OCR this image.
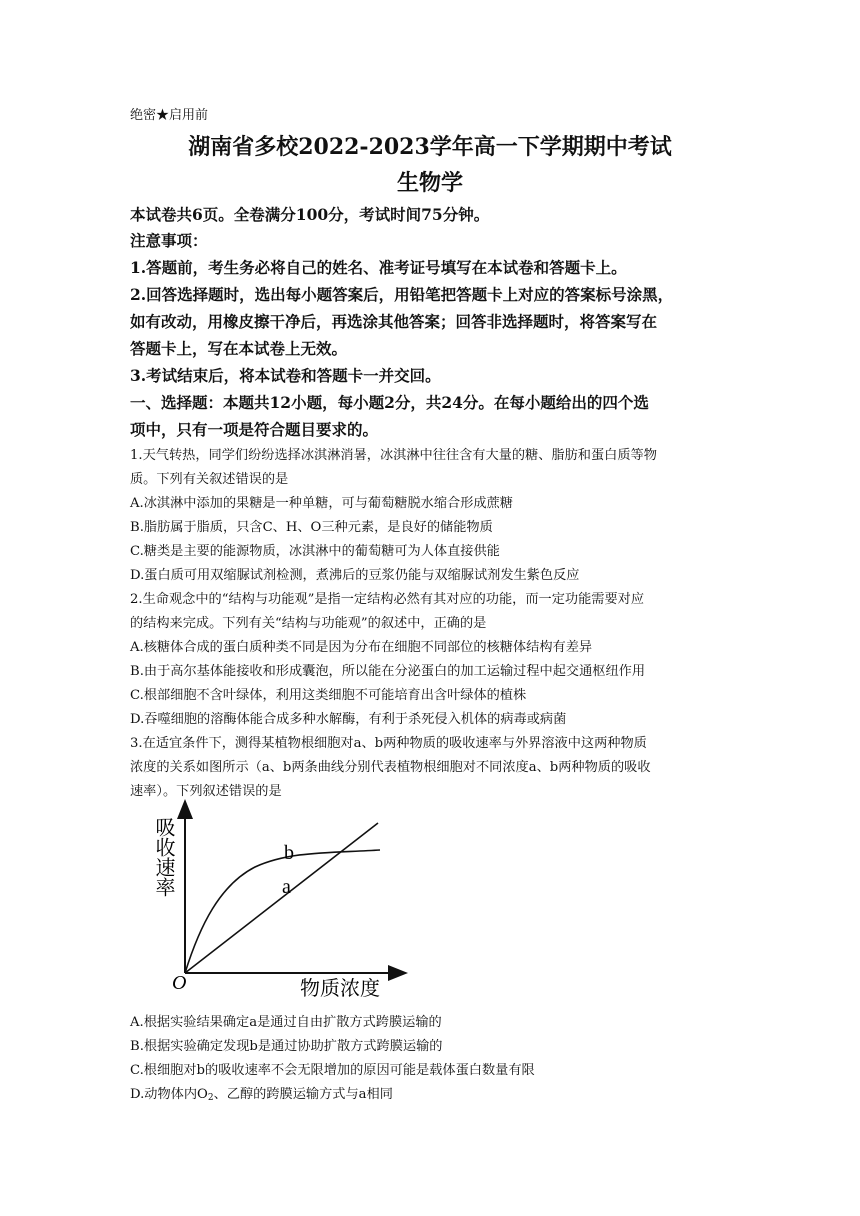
绝密★启用前
湖南省多校2022-2023学年高一下学期期中考试
生物学
本试卷共6页。全卷满分100分，考试时间75分钟。
注意事项：
1.答题前，考生务必将自己的姓名、准考证号填写在本试卷和答题卡上。
2.回答选择题时，选出每小题答案后，用铅笔把答题卡上对应的答案标号涂黑，
如有改动，用橡皮擦干净后，再选涂其他答案；回答非选择题时，将答案写在
答题卡上，写在本试卷上无效。
3.考试结束后，将本试卷和答题卡一并交回。
一、选择题：本题共12小题，每小题2分，共24分。在每小题给出的四个选
项中，只有一项是符合题目要求的。
1.天气转热，同学们纷纷选择冰淇淋消暑，冰淇淋中往往含有大量的糖、脂肪和蛋白质等物
质。下列有关叙述错误的是
A.冰淇淋中添加的果糖是一种单糖，可与葡萄糖脱水缩合形成蔗糖
B.脂肪属于脂质，只含C、H、O三种元素，是良好的储能物质
C.糖类是主要的能源物质，冰淇淋中的葡萄糖可为人体直接供能
D.蛋白质可用双缩脲试剂检测，煮沸后的豆浆仍能与双缩脲试剂发生紫色反应
2.生命观念中的“结构与功能观”是指一定结构必然有其对应的功能，而一定功能需要对应
的结构来完成。下列有关“结构与功能观”的叙述中，正确的是
A.核糖体合成的蛋白质种类不同是因为分布在细胞不同部位的核糖体结构有差异
B.由于高尔基体能接收和形成囊泡，所以能在分泌蛋白的加工运输过程中起交通枢纽作用
C.根部细胞不含叶绿体，利用这类细胞不可能培育出含叶绿体的植株
D.吞噬细胞的溶酶体能合成多种水解酶，有利于杀死侵入机体的病毒或病菌
3.在适宜条件下，测得某植物根细胞对a、b两种物质的吸收速率与外界溶液中这两种物质
浓度的关系如图所示（a、b两条曲线分别代表植物根细胞对不同浓度a、b两种物质的吸收
速率）。下列叙述错误的是
b
a
O	物质浓度
吸收速率
A.根据实验结果确定a是通过自由扩散方式跨膜运输的
B.根据实验确定发现b是通过协助扩散方式跨膜运输的
C.根细胞对b的吸收速率不会无限增加的原因可能是载体蛋白数量有限
D.动物体内$O_2$、乙醇的跨膜运输方式与a相同
